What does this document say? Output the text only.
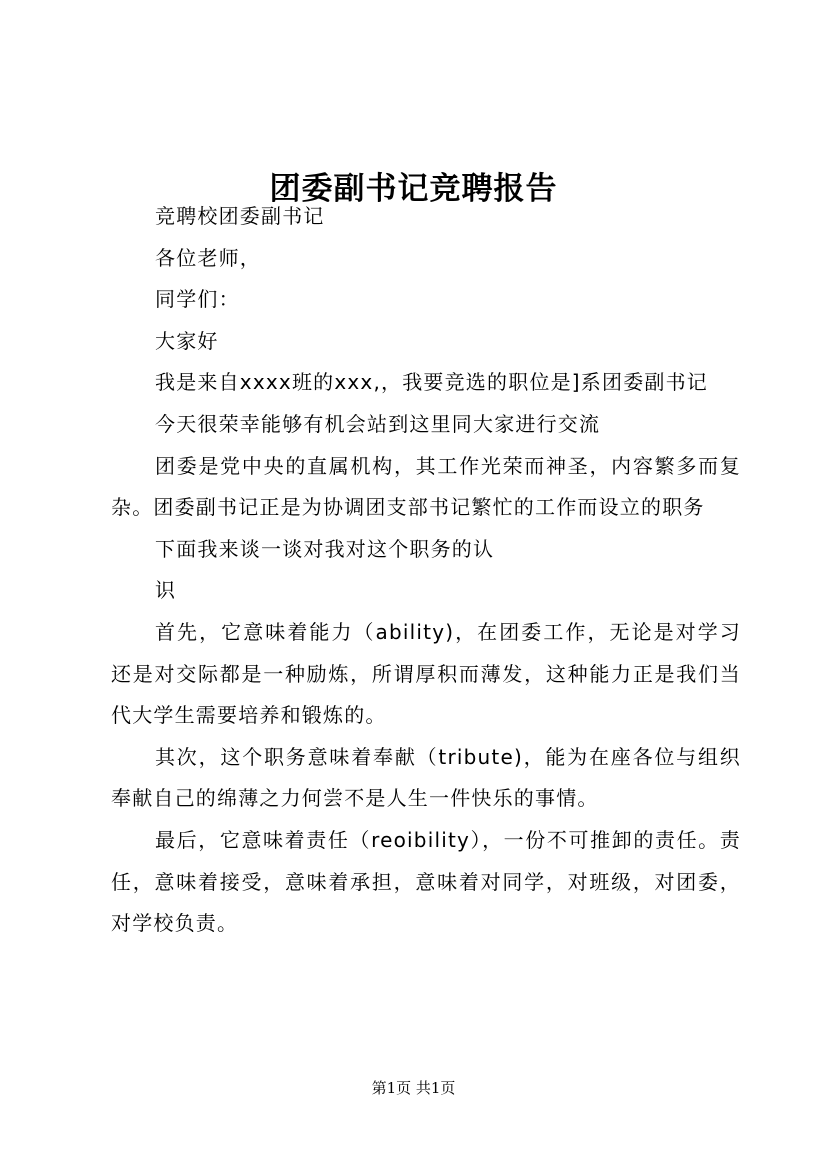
团委副书记竞聘报告

竞聘校团委副书记

各位老师，

同学们：

大家好

我是来自xxxx班的xxx,，我要竞选的职位是]系团委副书记

今天很荣幸能够有机会站到这里同大家进行交流

团委是党中央的直属机构，其工作光荣而神圣，内容繁多而复杂。团委副书记正是为协调团支部书记繁忙的工作而设立的职务

下面我来谈一谈对我对这个职务的认

识

首先，它意味着能力（ability)，在团委工作，无论是对学习还是对交际都是一种励炼，所谓厚积而薄发，这种能力正是我们当代大学生需要培养和锻炼的。

其次，这个职务意味着奉献（tribute)，能为在座各位与组织奉献自己的绵薄之力何尝不是人生一件快乐的事情。

最后，它意味着责任（reoibility），一份不可推卸的责任。责任，意味着接受，意味着承担，意味着对同学，对班级，对团委，对学校负责。

第1页 共1页
